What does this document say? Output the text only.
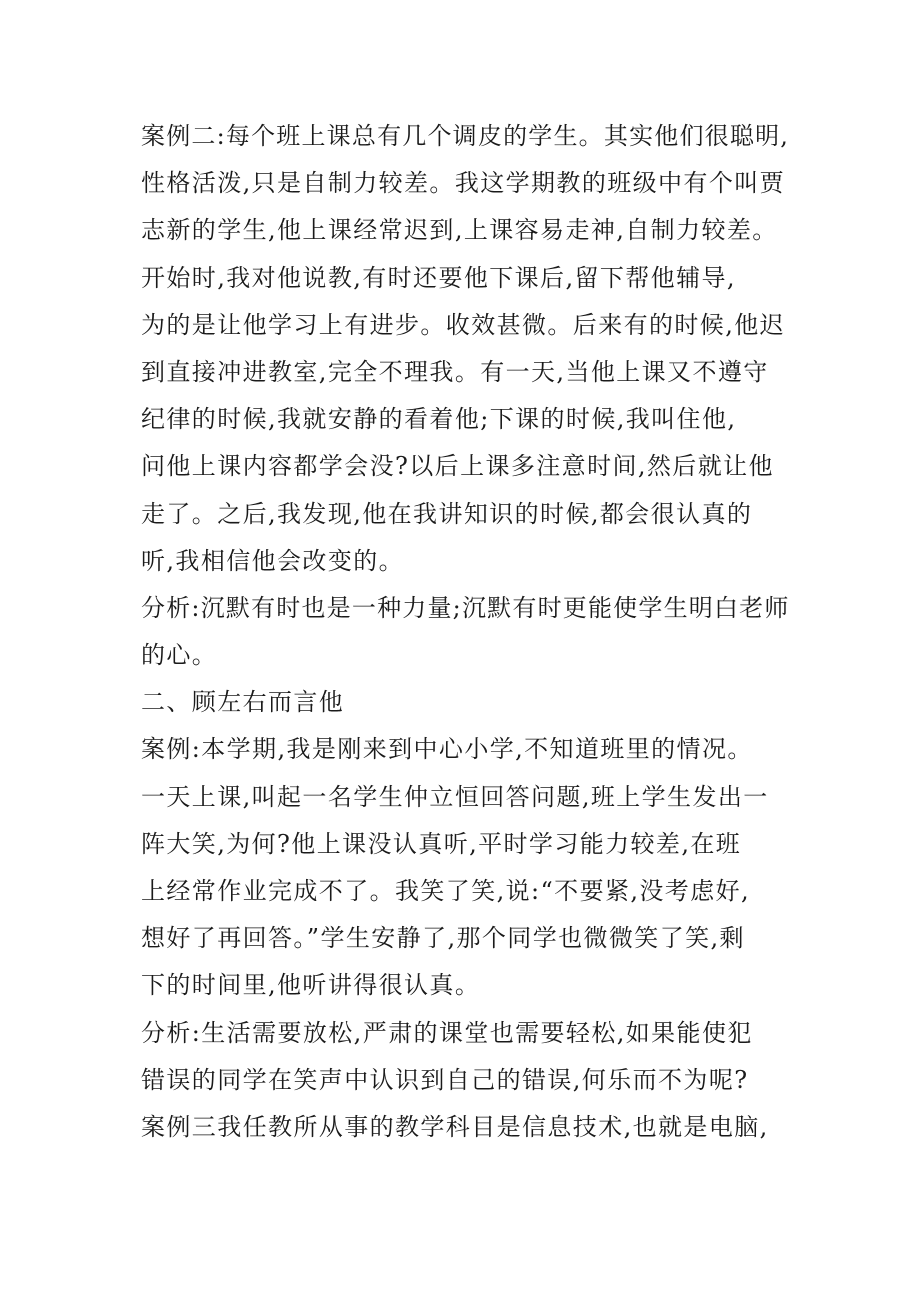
案例二:每个班上课总有几个调皮的学生。其实他们很聪明,
性格活泼,只是自制力较差。我这学期教的班级中有个叫贾
志新的学生,他上课经常迟到,上课容易走神,自制力较差。
开始时,我对他说教,有时还要他下课后,留下帮他辅导,
为的是让他学习上有进步。收效甚微。后来有的时候,他迟
到直接冲进教室,完全不理我。有一天,当他上课又不遵守
纪律的时候,我就安静的看着他;下课的时候,我叫住他,
问他上课内容都学会没?以后上课多注意时间,然后就让他
走了。之后,我发现,他在我讲知识的时候,都会很认真的
听,我相信他会改变的。
分析:沉默有时也是一种力量;沉默有时更能使学生明白老师
的心。
二、顾左右而言他
案例:本学期,我是刚来到中心小学,不知道班里的情况。
一天上课,叫起一名学生仲立恒回答问题,班上学生发出一
阵大笑,为何?他上课没认真听,平时学习能力较差,在班
上经常作业完成不了。我笑了笑,说:“不要紧,没考虑好,
想好了再回答。”学生安静了,那个同学也微微笑了笑,剩
下的时间里,他听讲得很认真。
分析:生活需要放松,严肃的课堂也需要轻松,如果能使犯
错误的同学在笑声中认识到自己的错误,何乐而不为呢?
案例三我任教所从事的教学科目是信息技术,也就是电脑,
